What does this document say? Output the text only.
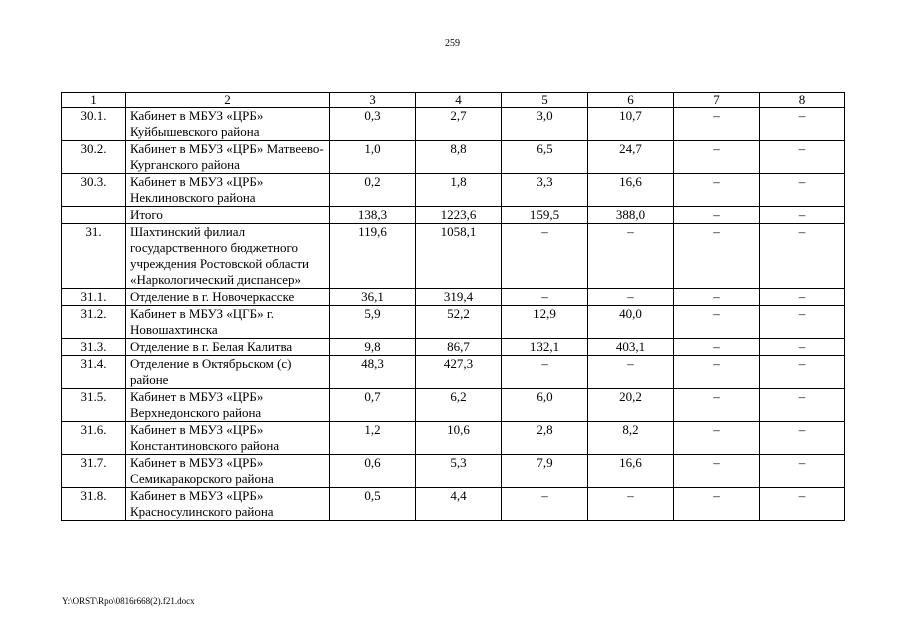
259
1	2	3	4	5	6	7	8
30.1.	Кабинет в МБУЗ «ЦРБ» Куйбышевского района	0,3	2,7	3,0	10,7	–	–
30.2.	Кабинет в МБУЗ «ЦРБ» Матвеево-Курганского района	1,0	8,8	6,5	24,7	–	–
30.3.	Кабинет в МБУЗ «ЦРБ» Неклиновского района	0,2	1,8	3,3	16,6	–	–
	Итого	138,3	1223,6	159,5	388,0	–	–
31.	Шахтинский филиал государственного бюджетного учреждения Ростовской области «Наркологический диспансер»	119,6	1058,1	–	–	–	–
31.1.	Отделение в г. Новочеркасске	36,1	319,4	–	–	–	–
31.2.	Кабинет в МБУЗ «ЦГБ» г. Новошахтинска	5,9	52,2	12,9	40,0	–	–
31.3.	Отделение в г. Белая Калитва	9,8	86,7	132,1	403,1	–	–
31.4.	Отделение в Октябрьском (с) районе	48,3	427,3	–	–	–	–
31.5.	Кабинет в МБУЗ «ЦРБ» Верхнедонского района	0,7	6,2	6,0	20,2	–	–
31.6.	Кабинет в МБУЗ «ЦРБ» Константиновского района	1,2	10,6	2,8	8,2	–	–
31.7.	Кабинет в МБУЗ «ЦРБ» Семикаракорского района	0,6	5,3	7,9	16,6	–	–
31.8.	Кабинет в МБУЗ «ЦРБ» Красносулинского района	0,5	4,4	–	–	–	–
Y:\ORST\Rpo\0816r668(2).f21.docx
